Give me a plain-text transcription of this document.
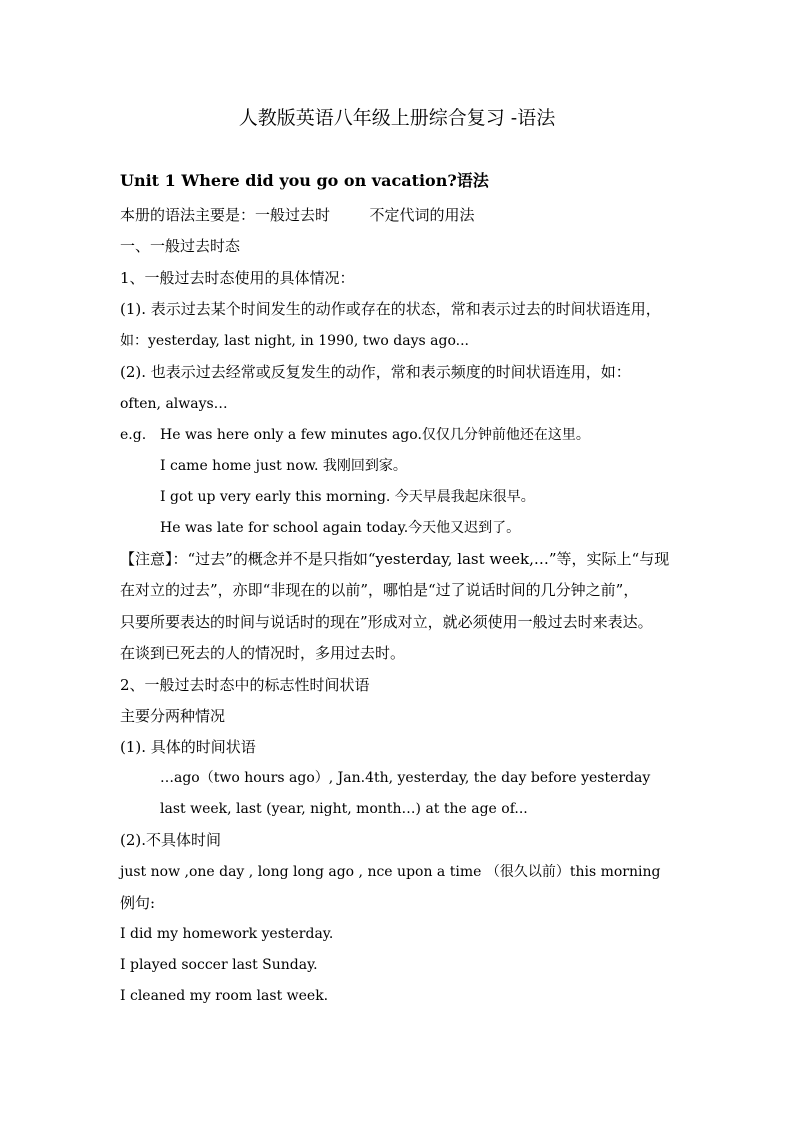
人教版英语八年级上册综合复习 -语法
Unit 1 Where did you go on vacation?语法
本册的语法主要是：一般过去时 　　 不定代词的用法
一、一般过去时态
1、一般过去时态使用的具体情况：
(1). 表示过去某个时间发生的动作或存在的状态，常和表示过去的时间状语连用，
如：yesterday, last night, in 1990, two days ago...
(2). 也表示过去经常或反复发生的动作，常和表示频度的时间状语连用，如：
often, always…
e.g. He was here only a few minutes ago.仅仅几分钟前他还在这里。
I came home just now. 我刚回到家。
I got up very early this morning. 今天早晨我起床很早。
He was late for school again today.今天他又迟到了。
【注意】：“过去”的概念并不是只指如“yesterday, last week,…”等，实际上“与现
在对立的过去”，亦即“非现在的以前”，哪怕是“过了说话时间的几分钟之前”，
只要所要表达的时间与说话时的现在”形成对立，就必须使用一般过去时来表达。
在谈到已死去的人的情况时，多用过去时。
2、一般过去时态中的标志性时间状语
主要分两种情况
(1). 具体的时间状语
…ago（two hours ago）, Jan.4th, yesterday, the day before yesterday
last week, last (year, night, month…) at the age of...
(2).不具体时间
just now ,one day , long long ago , nce upon a time （很久以前）this morning
例句:
I did my homework yesterday.
I played soccer last Sunday.
I cleaned my room last week.
